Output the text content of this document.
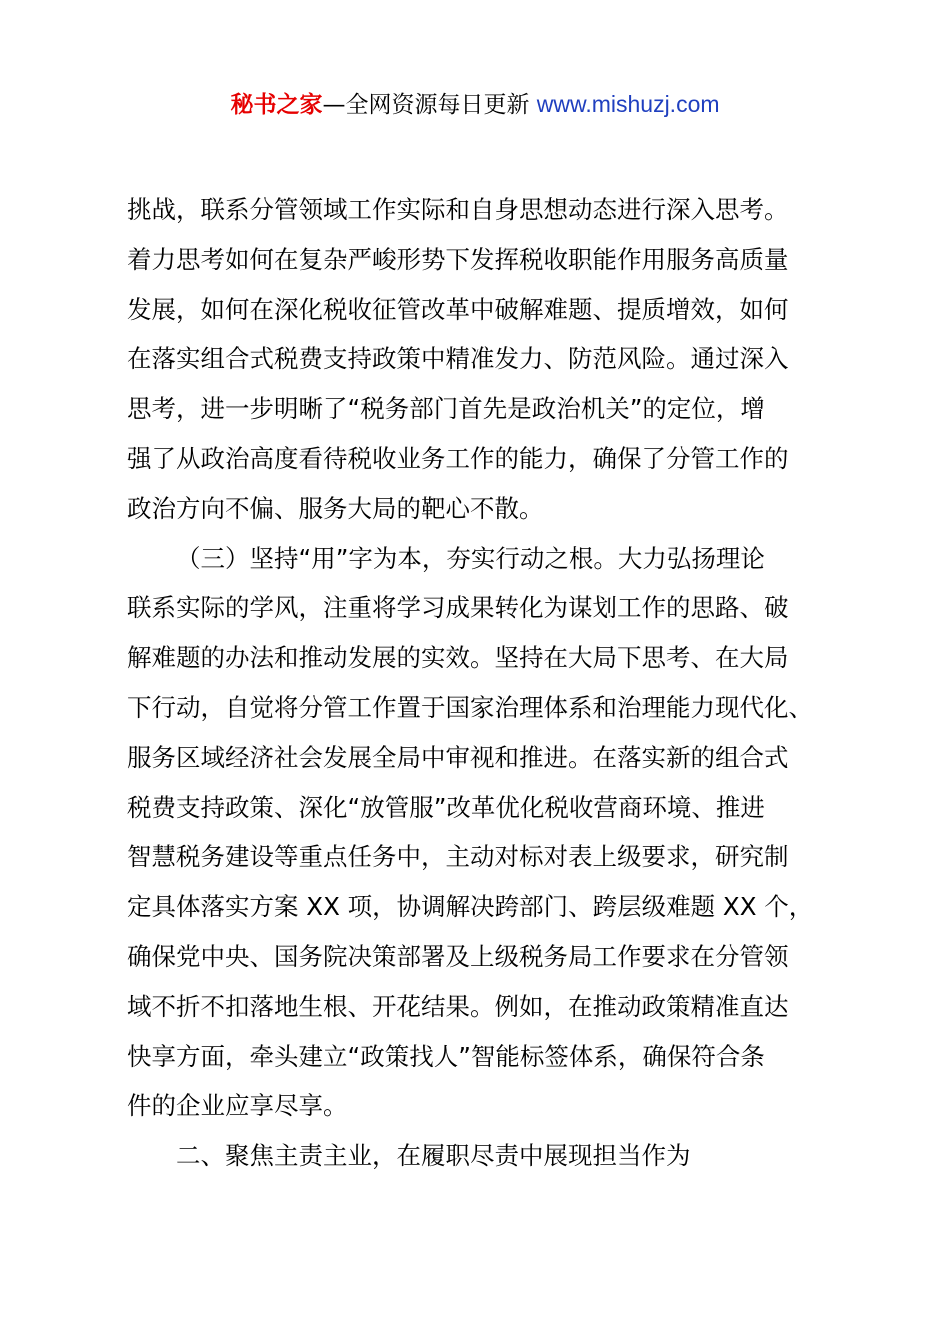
秘书之家—全网资源每日更新 www.mishuzj.com
挑战，联系分管领域工作实际和自身思想动态进行深入思考。
着力思考如何在复杂严峻形势下发挥税收职能作用服务高质量
发展，如何在深化税收征管改革中破解难题、提质增效，如何
在落实组合式税费支持政策中精准发力、防范风险。通过深入
思考，进一步明晰了“税务部门首先是政治机关”的定位，增
强了从政治高度看待税收业务工作的能力，确保了分管工作的
政治方向不偏、服务大局的靶心不散。
（三）坚持“用”字为本，夯实行动之根。大力弘扬理论
联系实际的学风，注重将学习成果转化为谋划工作的思路、破
解难题的办法和推动发展的实效。坚持在大局下思考、在大局
下行动，自觉将分管工作置于国家治理体系和治理能力现代化、
服务区域经济社会发展全局中审视和推进。在落实新的组合式
税费支持政策、深化“放管服”改革优化税收营商环境、推进
智慧税务建设等重点任务中，主动对标对表上级要求，研究制
定具体落实方案 XX 项，协调解决跨部门、跨层级难题 XX 个，
确保党中央、国务院决策部署及上级税务局工作要求在分管领
域不折不扣落地生根、开花结果。例如，在推动政策精准直达
快享方面，牵头建立“政策找人”智能标签体系，确保符合条
件的企业应享尽享。
二、聚焦主责主业，在履职尽责中展现担当作为
